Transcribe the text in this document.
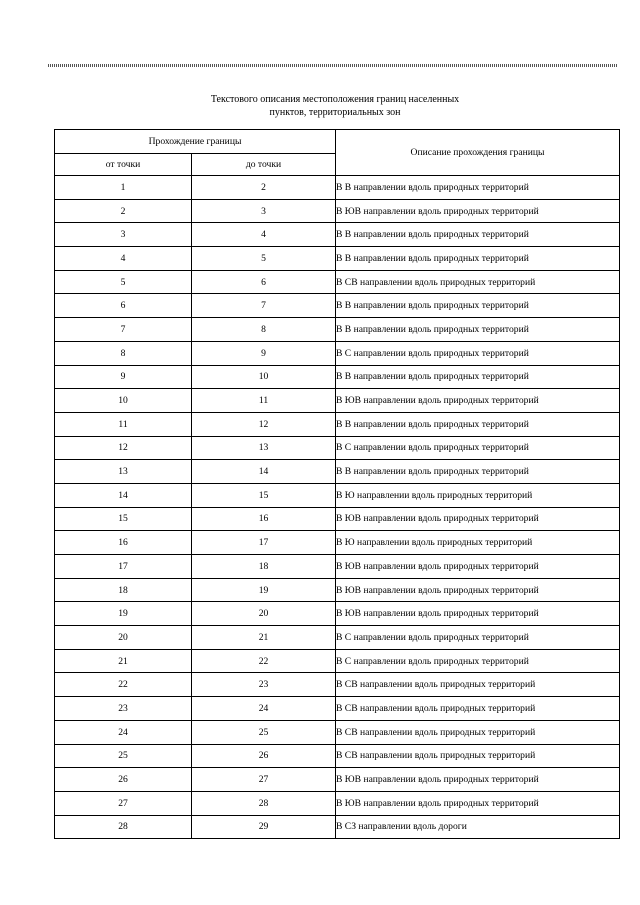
Текстового описания местоположения границ населенных
пунктов, территориальных зон
Прохождение границы		Описание прохождения границы
от точки	до точки	
1	2	В В направлении вдоль природных территорий
2	3	В ЮВ направлении вдоль природных территорий
3	4	В В направлении вдоль природных территорий
4	5	В В направлении вдоль природных территорий
5	6	В СВ направлении вдоль природных территорий
6	7	В В направлении вдоль природных территорий
7	8	В В направлении вдоль природных территорий
8	9	В С направлении вдоль природных территорий
9	10	В В направлении вдоль природных территорий
10	11	В ЮВ направлении вдоль природных территорий
11	12	В В направлении вдоль природных территорий
12	13	В С направлении вдоль природных территорий
13	14	В В направлении вдоль природных территорий
14	15	В Ю направлении вдоль природных территорий
15	16	В ЮВ направлении вдоль природных территорий
16	17	В Ю направлении вдоль природных территорий
17	18	В ЮВ направлении вдоль природных территорий
18	19	В ЮВ направлении вдоль природных территорий
19	20	В ЮВ направлении вдоль природных территорий
20	21	В С направлении вдоль природных территорий
21	22	В С направлении вдоль природных территорий
22	23	В СВ направлении вдоль природных территорий
23	24	В СВ направлении вдоль природных территорий
24	25	В СВ направлении вдоль природных территорий
25	26	В СВ направлении вдоль природных территорий
26	27	В ЮВ направлении вдоль природных территорий
27	28	В ЮВ направлении вдоль природных территорий
28	29	В СЗ направлении вдоль дороги
